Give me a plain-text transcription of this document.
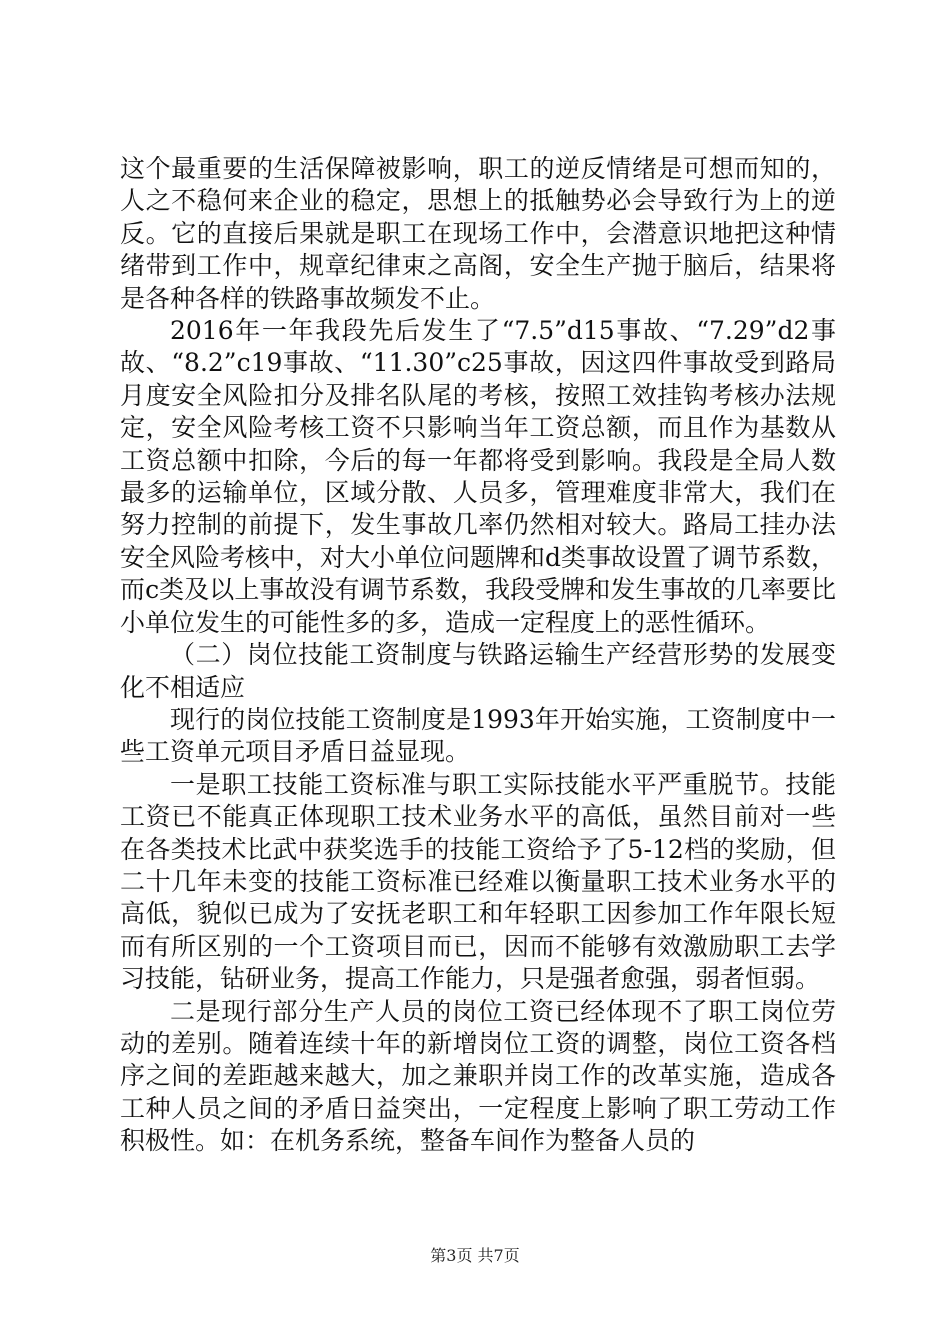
这个最重要的生活保障被影响，职工的逆反情绪是可想而知的，人之不稳何来企业的稳定，思想上的抵触势必会导致行为上的逆反。它的直接后果就是职工在现场工作中，会潜意识地把这种情绪带到工作中，规章纪律束之高阁，安全生产抛于脑后，结果将是各种各样的铁路事故频发不止。

2016年一年我段先后发生了“7.5”d15事故、“7.29”d2事故、“8.2”c19事故、“11.30”c25事故，因这四件事故受到路局月度安全风险扣分及排名队尾的考核，按照工效挂钩考核办法规定，安全风险考核工资不只影响当年工资总额，而且作为基数从工资总额中扣除，今后的每一年都将受到影响。我段是全局人数最多的运输单位，区域分散、人员多，管理难度非常大，我们在努力控制的前提下，发生事故几率仍然相对较大。路局工挂办法安全风险考核中，对大小单位问题牌和d类事故设置了调节系数，而c类及以上事故没有调节系数，我段受牌和发生事故的几率要比小单位发生的可能性多的多，造成一定程度上的恶性循环。

（二）岗位技能工资制度与铁路运输生产经营形势的发展变化不相适应

现行的岗位技能工资制度是1993年开始实施，工资制度中一些工资单元项目矛盾日益显现。

一是职工技能工资标准与职工实际技能水平严重脱节。技能工资已不能真正体现职工技术业务水平的高低，虽然目前对一些在各类技术比武中获奖选手的技能工资给予了5-12档的奖励，但二十几年未变的技能工资标准已经难以衡量职工技术业务水平的高低，貌似已成为了安抚老职工和年轻职工因参加工作年限长短而有所区别的一个工资项目而已，因而不能够有效激励职工去学习技能，钻研业务，提高工作能力，只是强者愈强，弱者恒弱。

二是现行部分生产人员的岗位工资已经体现不了职工岗位劳动的差别。随着连续十年的新增岗位工资的调整，岗位工资各档序之间的差距越来越大，加之兼职并岗工作的改革实施，造成各工种人员之间的矛盾日益突出，一定程度上影响了职工劳动工作积极性。如：在机务系统，整备车间作为整备人员的

第3页 共7页
